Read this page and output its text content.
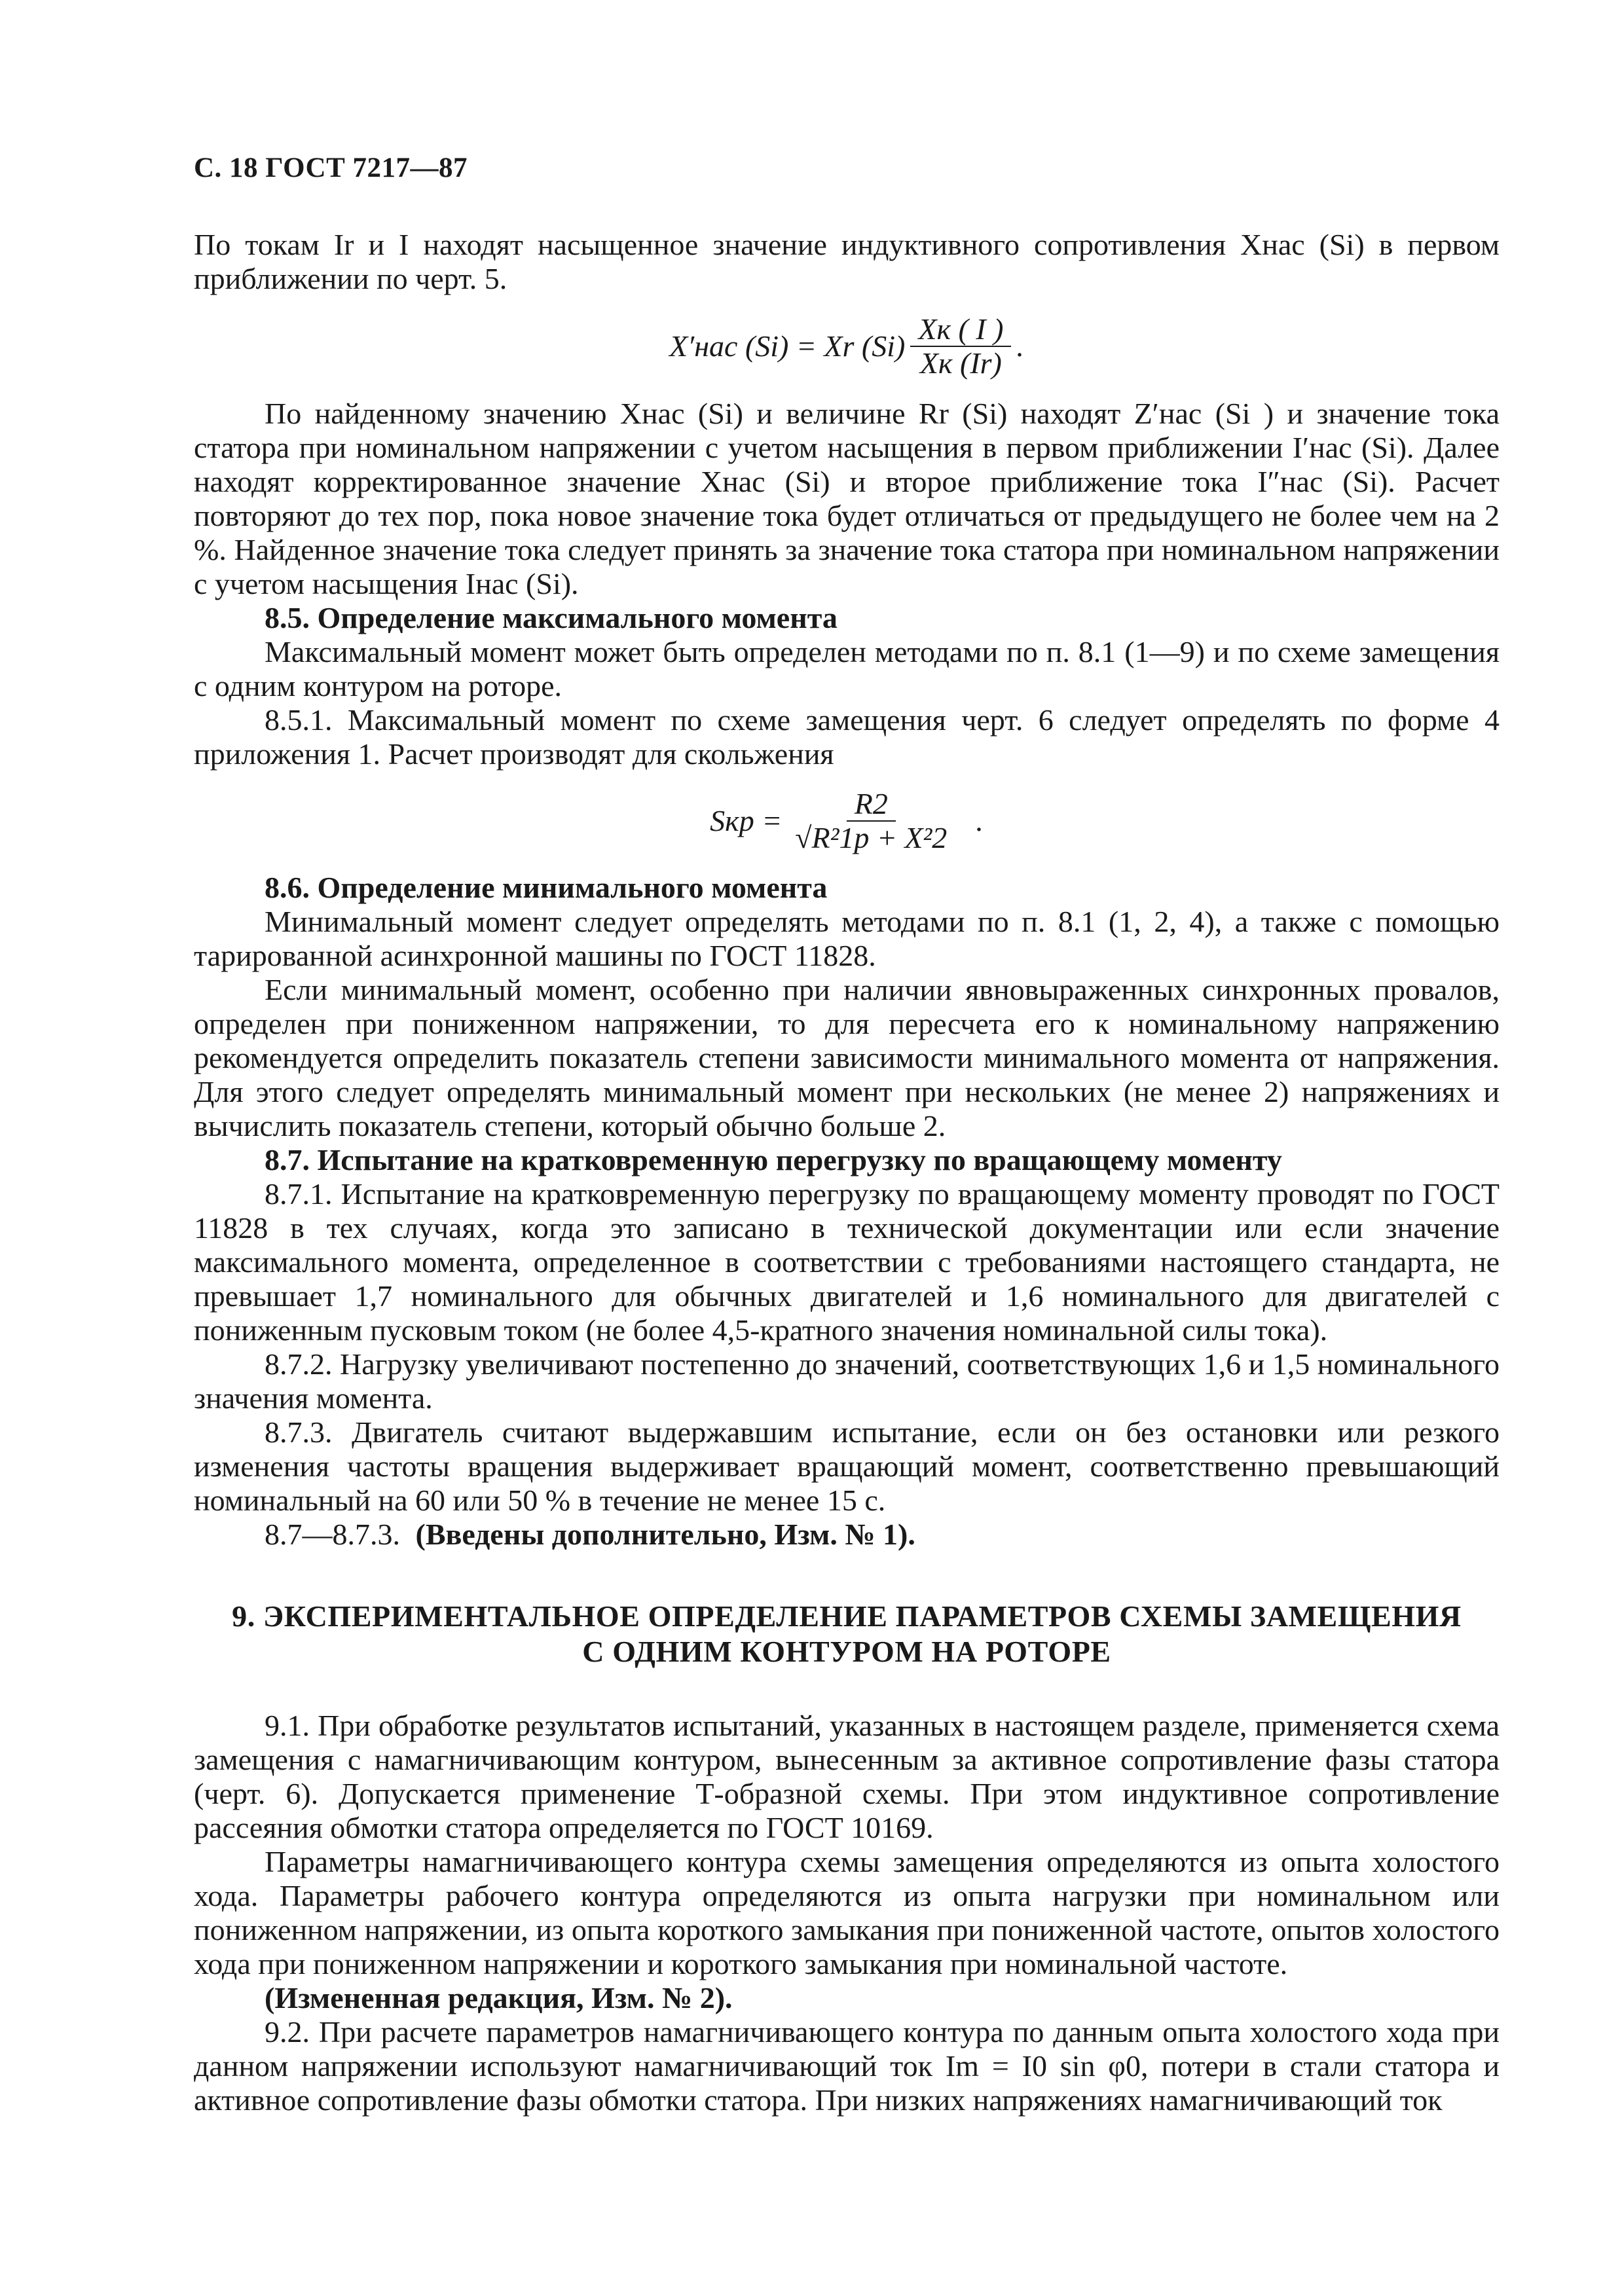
С. 18 ГОСТ 7217—87

По токам Ir и I находят насыщенное значение индуктивного сопротивления Xнас (Si) в первом приближении по черт. 5.

X′нас (Si) = Xr $(Si) \frac{Xк ( I )}{Xк (Ir)}$ .

По найденному значению Xнас (Si) и величине Rr (Si) находят Z′нас (Si ) и значение тока статора при номинальном напряжении с учетом насыщения в первом приближении I′нас (Si). Далее находят корректированное значение Xнас (Si) и второе приближение тока I″нас (Si). Расчет повторяют до тех пор, пока новое значение тока будет отличаться от предыдущего не более чем на 2 %. Найденное значение тока следует принять за значение тока статора при номинальном напряжении с учетом насыщения Iнас (Si).

8.5. Определение максимального момента

Максимальный момент может быть определен методами по п. 8.1 (1—9) и по схеме замещения с одним контуром на роторе.

8.5.1. Максимальный момент по схеме замещения черт. 6 следует определять по форме 4 приложения 1. Расчет производят для скольжения

Sкр = $\frac{R2}{\text{√R²1р + X²2}}$ .

8.6. Определение минимального момента

Минимальный момент следует определять методами по п. 8.1 (1, 2, 4), а также с помощью тарированной асинхронной машины по ГОСТ 11828.

Если минимальный момент, особенно при наличии явновыраженных синхронных провалов, определен при пониженном напряжении, то для пересчета его к номинальному напряжению рекомендуется определить показатель степени зависимости минимального момента от напряжения. Для этого следует определять минимальный момент при нескольких (не менее 2) напряжениях и вычислить показатель степени, который обычно больше 2.

8.7. Испытание на кратковременную перегрузку по вращающему моменту

8.7.1. Испытание на кратковременную перегрузку по вращающему моменту проводят по ГОСТ 11828 в тех случаях, когда это записано в технической документации или если значение максимального момента, определенное в соответствии с требованиями настоящего стандарта, не превышает 1,7 номинального для обычных двигателей и 1,6 номинального для двигателей с пониженным пусковым током (не более 4,5-кратного значения номинальной силы тока).

8.7.2. Нагрузку увеличивают постепенно до значений, соответствующих 1,6 и 1,5 номинального значения момента.

8.7.3. Двигатель считают выдержавшим испытание, если он без остановки или резкого изменения частоты вращения выдерживает вращающий момент, соответственно превышающий номинальный на 60 или 50 % в течение не менее 15 с.

8.7—8.7.3. (Введены дополнительно, Изм. № 1).

9. ЭКСПЕРИМЕНТАЛЬНОЕ ОПРЕДЕЛЕНИЕ ПАРАМЕТРОВ СХЕМЫ ЗАМЕЩЕНИЯ
С ОДНИМ КОНТУРОМ НА РОТОРЕ

9.1. При обработке результатов испытаний, указанных в настоящем разделе, применяется схема замещения с намагничивающим контуром, вынесенным за активное сопротивление фазы статора (черт. 6). Допускается применение Т-образной схемы. При этом индуктивное сопротивление рассеяния обмотки статора определяется по ГОСТ 10169.

Параметры намагничивающего контура схемы замещения определяются из опыта холостого хода. Параметры рабочего контура определяются из опыта нагрузки при номинальном или пониженном напряжении, из опыта короткого замыкания при пониженной частоте, опытов холостого хода при пониженном напряжении и короткого замыкания при номинальной частоте.

(Измененная редакция, Изм. № 2).

9.2. При расчете параметров намагничивающего контура по данным опыта холостого хода при данном напряжении используют намагничивающий ток Im = I0 sin φ0, потери в стали статора и активное сопротивление фазы обмотки статора. При низких напряжениях намагничивающий ток
